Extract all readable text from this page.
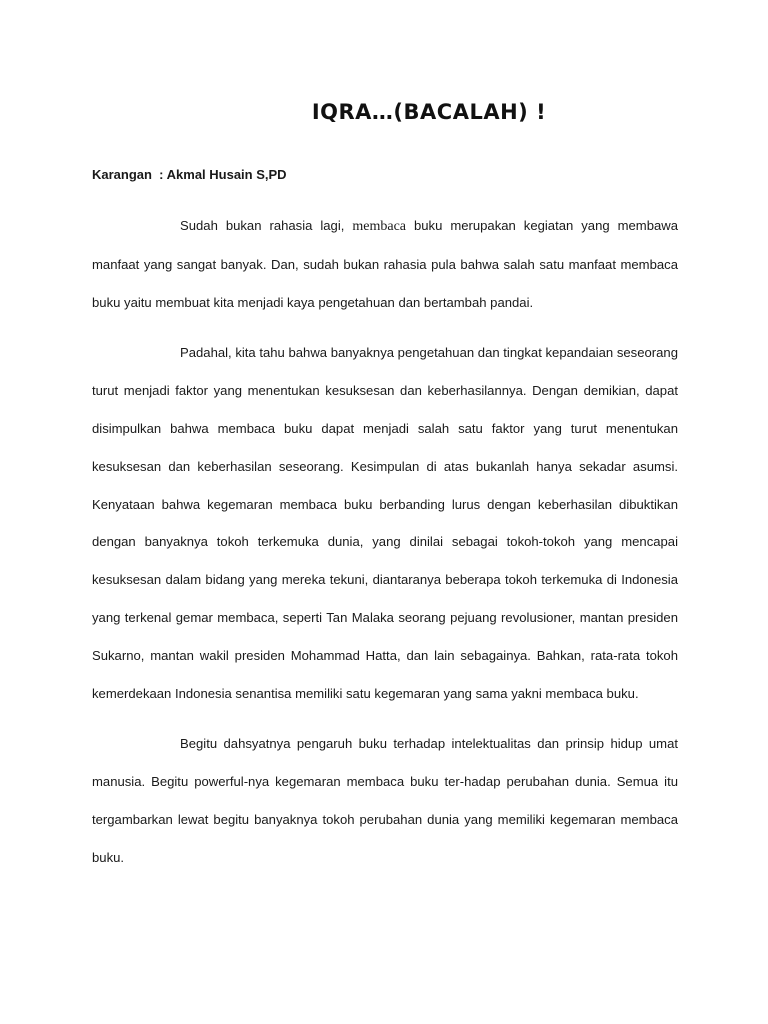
IQRA…(BACALAH) !
Karangan  : Akmal Husain S,PD

Sudah bukan rahasia lagi, membaca buku merupakan kegiatan yang membawa manfaat yang sangat banyak. Dan, sudah bukan rahasia pula bahwa salah satu manfaat membaca buku yaitu membuat kita menjadi kaya pengetahuan dan bertambah pandai.

Padahal, kita tahu bahwa banyaknya pengetahuan dan tingkat kepandaian seseorang turut menjadi faktor yang menentukan kesuksesan dan keberhasilannya. Dengan demikian, dapat disimpulkan bahwa membaca buku dapat menjadi salah satu faktor yang turut menentukan kesuksesan dan keberhasilan seseorang. Kesimpulan di atas bukanlah hanya sekadar asumsi. Kenyataan bahwa kegemaran membaca buku berbanding lurus dengan keberhasilan dibuktikan dengan banyaknya tokoh terkemuka dunia, yang dinilai sebagai tokoh-tokoh yang mencapai kesuksesan dalam bidang yang mereka tekuni, diantaranya beberapa tokoh terkemuka di Indonesia yang terkenal gemar membaca, seperti Tan Malaka seorang pejuang revolusioner, mantan presiden Sukarno, mantan wakil presiden Mohammad Hatta, dan lain sebagainya. Bahkan, rata-rata tokoh kemerdekaan Indonesia senantisa memiliki satu kegemaran yang sama yakni membaca buku.

Begitu dahsyatnya pengaruh buku terhadap intelektualitas dan prinsip hidup umat manusia. Begitu powerful-nya kegemaran membaca buku ter-hadap perubahan dunia. Semua itu tergambarkan lewat begitu banyaknya tokoh perubahan dunia yang memiliki kegemaran membaca buku.
